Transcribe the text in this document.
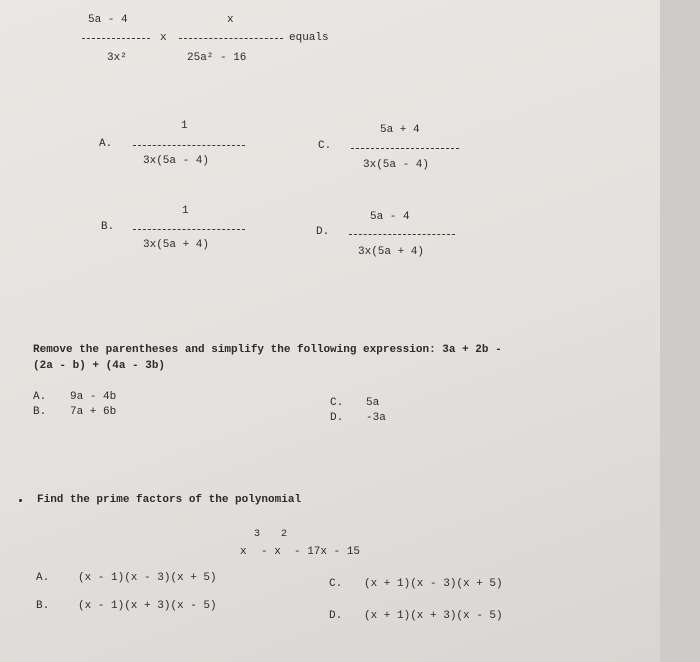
5a - 4	x
x	equals
3x²	25a² - 16
A.
1
3x(5a - 4)
C.
5a + 4
3x(5a - 4)
B.
1
3x(5a + 4)
D.
5a - 4
3x(5a + 4)
Remove the parentheses and simplify the following expression: 3a + 2b -
(2a - b) + (4a - 3b)
A. 9a - 4b
B. 7a + 6b
C. 5a
D. -3a
Find the prime factors of the polynomial
3 2
x - x  - 17x - 15
A.	(x - 1)(x - 3)(x + 5)
B.	(x - 1)(x + 3)(x - 5)
C. (x + 1)(x - 3)(x + 5)
D. (x + 1)(x + 3)(x - 5)
